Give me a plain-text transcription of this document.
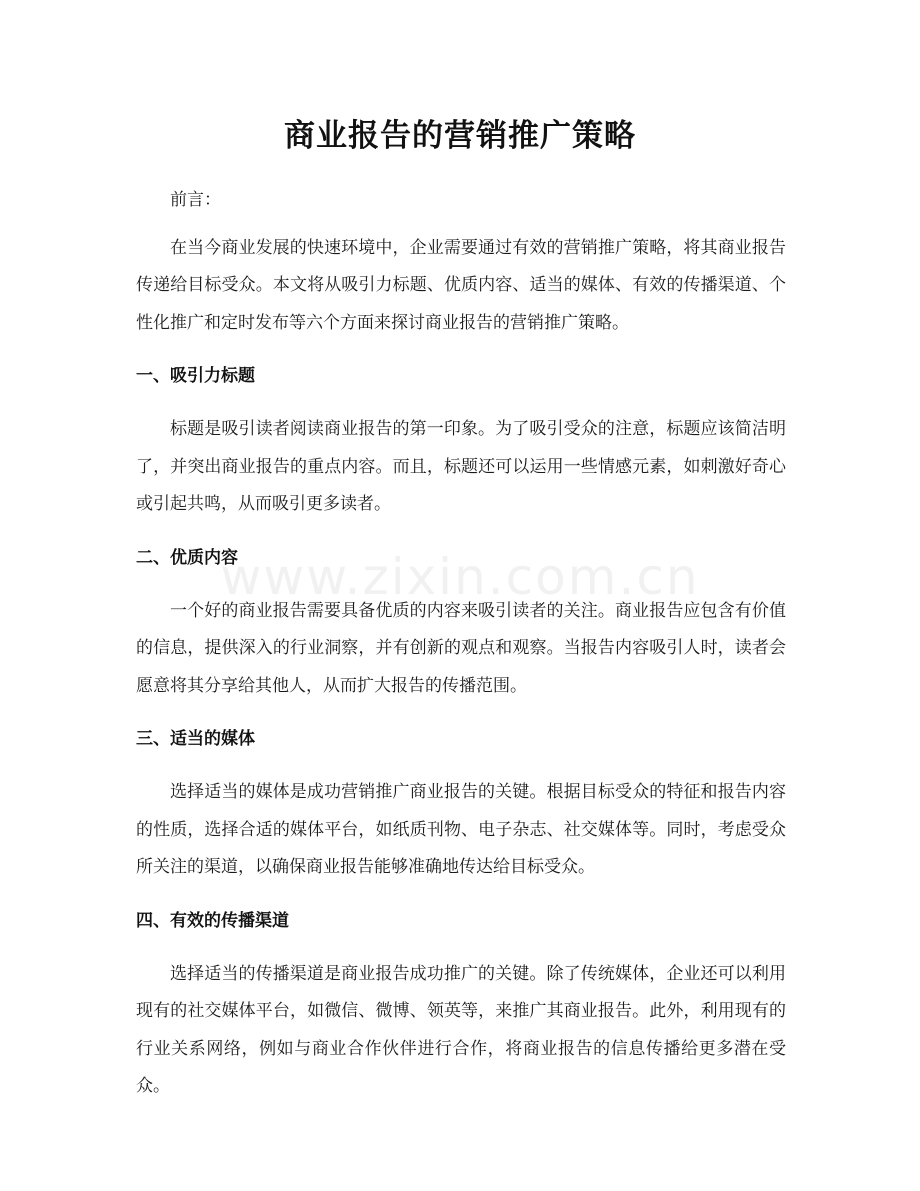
商业报告的营销推广策略
www.zixin.com.cn

前言：

在当今商业发展的快速环境中，企业需要通过有效的营销推广策略，将其商业报告传递给目标受众。本文将从吸引力标题、优质内容、适当的媒体、有效的传播渠道、个性化推广和定时发布等六个方面来探讨商业报告的营销推广策略。

一、吸引力标题

标题是吸引读者阅读商业报告的第一印象。为了吸引受众的注意，标题应该简洁明了，并突出商业报告的重点内容。而且，标题还可以运用一些情感元素，如刺激好奇心或引起共鸣，从而吸引更多读者。

二、优质内容

一个好的商业报告需要具备优质的内容来吸引读者的关注。商业报告应包含有价值的信息，提供深入的行业洞察，并有创新的观点和观察。当报告内容吸引人时，读者会愿意将其分享给其他人，从而扩大报告的传播范围。

三、适当的媒体

选择适当的媒体是成功营销推广商业报告的关键。根据目标受众的特征和报告内容的性质，选择合适的媒体平台，如纸质刊物、电子杂志、社交媒体等。同时，考虑受众所关注的渠道，以确保商业报告能够准确地传达给目标受众。

四、有效的传播渠道

选择适当的传播渠道是商业报告成功推广的关键。除了传统媒体，企业还可以利用现有的社交媒体平台，如微信、微博、领英等，来推广其商业报告。此外，利用现有的行业关系网络，例如与商业合作伙伴进行合作，将商业报告的信息传播给更多潜在受众。
